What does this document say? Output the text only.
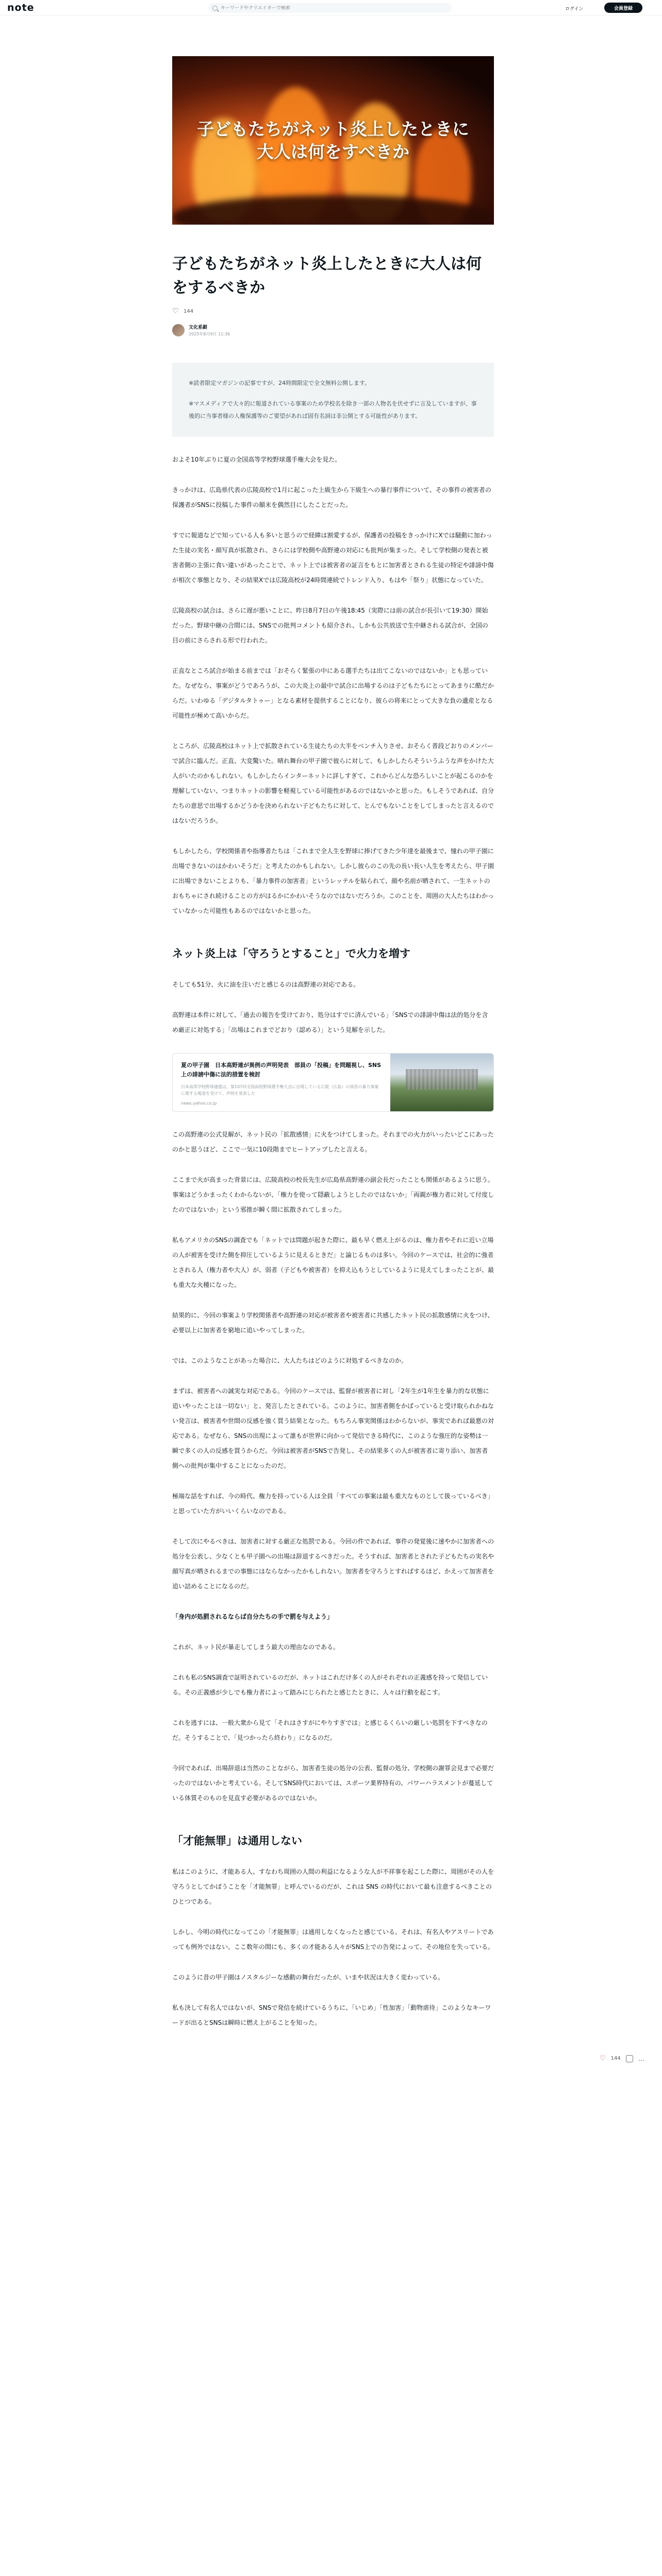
note
キーワードやクリエイターで検索	ログイン	会員登録
子どもたちがネット炎上したときに
大人は何をすべきか
子どもたちがネット炎上したときに大人は何をするべきか
♡ 144
文化系銀
2025年8月9日 11:36

※読者限定マガジンの記事ですが、24時間限定で全文無料公開します。

※マスメディアで大々的に報道されている事案のため学校名を除き一部の人物名を伏せずに言及していますが、事後的に当事者様の人権保護等のご要望があれば固有名詞は非公開とする可能性があります。

およそ10年ぶりに夏の全国高等学校野球選手権大会を見た。

きっかけは、広島県代表の広陵高校で1月に起こった上級生から下級生への暴行事件について、その事件の被害者の保護者がSNSに投稿した事件の顛末を偶然目にしたことだった。

すでに報道などで知っている人も多いと思うので経緯は割愛するが、保護者の投稿をきっかけにXでは騒動に加わった生徒の実名・顔写真が拡散され、さらには学校側や高野連の対応にも批判が集まった。そして学校側の発表と被害者側の主張に食い違いがあったことで、ネット上では被害者の証言をもとに加害者とされる生徒の特定や誹謗中傷が相次ぐ事態となり、その結果Xでは広陵高校が24時間連続でトレンド入り、もはや「祭り」状態になっていた。

広陵高校の試合は、さらに遅が悪いことに、昨日8月7日の午後18:45（実際には前の試合が長引いて19:30）開始だった。野球中継の合間には、SNSでの批判コメントも紹介され、しかも公共放送で生中継される試合が、全国の目の前にさらされる形で行われた。

正直なところ試合が始まる前までは「おそらく緊張の中にある選手たちは出てこないのではないか」とも思っていた。なぜなら、事案がどうであろうが、この大炎上の最中で試合に出場するのは子どもたちにとってあまりに酷だからだ。いわゆる「デジタルタトゥー」となる素材を提供することになり、彼らの将来にとって大きな負の遺産となる可能性が極めて高いからだ。

ところが、広陵高校はネット上で拡散されている生徒たちの大半をベンチ入りさせ、おそらく普段どおりのメンバーで試合に臨んだ。正直、大変驚いた。晴れ舞台の甲子園で彼らに対して、もしかしたらそういうふうな声をかけた大人がいたのかもしれない。もしかしたらインターネットに詳しすぎて、これからどんな恐ろしいことが起こるのかを理解していない、つまりネットの影響を軽視している可能性があるのではないかと思った。もしそうであれば、自分たちの意思で出場するかどうかを決められない子どもたちに対して、とんでもないことをしてしまったと言えるのではないだろうか。

もしかしたら、学校関係者や指導者たちは「これまで全人生を野球に捧げてきた少年達を最後まで、憧れの甲子園に出場できないのはかわいそうだ」と考えたのかもしれない。しかし彼らのこの先の長い長い人生を考えたら、甲子園に出場できないことよりも、「暴力事件の加害者」というレッテルを貼られて、顔や名前が晒されて、一生ネットのおもちゃにされ続けることの方がはるかにかわいそうなのではないだろうか。このことを、周囲の大人たちはわかっていなかった可能性もあるのではないかと思った。

ネット炎上は「守ろうとすること」で火力を増す

そしても51分、火に油を注いだと感じるのは高野連の対応である。

高野連は本件に対して、「過去の報告を受けており、処分はすでに済んでいる」「SNSでの誹謗中傷は法的処分を含め厳正に対処する」「出場はこれまでどおり（認める）」という見解を示した。

夏の甲子園　日本高野連が異例の声明発表　部員の「投稿」を問題視し、SNS上の誹謗中傷に法的措置を検討
日本高等学校野球連盟は、第107回全国高校野球選手権大会に出場している広陵（広島）の部員の暴力事案に関する報道を受けて、声明を発表した
news.yahoo.co.jp

この高野連の公式見解が、ネット民の「拡散感情」に火をつけてしまった。それまでの火力がいったいどこにあったのかと思うほど、ここで一気に10段階までヒートアップしたと言える。

ここまで火が高まった背景には、広陵高校の校長先生が広島県高野連の副会長だったことも関係があるように思う。事案はどうかまったくわからないが、「権力を使って隠蔽しようとしたのではないか」「両親が権力者に対して付度したのではないか」という邪推が瞬く間に拡散されてしまった。

私もアメリカのSNSの調査でも「ネットでは問題が起きた際に、最も早く燃え上がるのは、権力者やそれに近い立場の人が被害を受けた側を抑圧しているように見えるときだ」と論じるものは多い。今回のケースでは、社会的に強者とされる人（権力者や大人）が、弱者（子どもや被害者）を抑え込もうとしているように見えてしまったことが、最も重大な火種になった。

結果的に、今回の事案より学校関係者や高野連の対応が被害者や被害者に共感したネット民の拡散感情に火をつけ、必要以上に加害者を窮地に追いやってしまった。

では、このようなことがあった場合に、大人たちはどのように対処するべきなのか。

まずは、被害者への誠実な対応である。今回のケースでは、監督が被害者に対し「2年生が1年生を暴力的な状態に追いやったことは一切ない」と、発言したとされている。このように、加害者側をかばっていると受け取られかねない発言は、被害者や世間の反感を強く買う結果となった。もちろん事実関係はわからないが、事実であれば最悪の対応である。なぜなら、SNSの出現によって誰もが世界に向かって発信できる時代に、このような強圧的な姿勢は一瞬で多くの人の反感を買うからだ。今回は被害者がSNSで告発し、その結果多くの人が被害者に寄り添い、加害者側への批判が集中することになったのだ。

極端な話をすれば、今の時代、権力を持っている人は全員「すべての事案は最も重大なものとして扱っているべき」と思っていた方がいいくらいなのである。

そして次にやるべきは、加害者に対する厳正な処罰である。今回の件であれば、事件の発覚後に速やかに加害者への処分を公表し、少なくとも甲子園への出場は辞退するべきだった。そうすれば、加害者とされた子どもたちの実名や顔写真が晒されるまでの事態にはならなかったかもしれない。加害者を守ろうとすればするほど、かえって加害者を追い詰めることになるのだ。

「身内が処罰されるならば自分たちの手で罰を与えよう」

これが、ネット民が暴走してしまう最大の理由なのである。

これも私のSNS調査で証明されているのだが、ネットはこれだけ多くの人がそれぞれの正義感を持って発信している。その正義感が少しでも権力者によって踏みにじられたと感じたときに、人々は行動を起こす。

これを逃すには、一般大衆から見て「それはさすがにやりすぎでは」と感じるくらいの厳しい処罰を下すべきなのだ。そうすることで、「見つかったら終わり」になるのだ。

今回であれば、出場辞退は当然のことながら、加害者生徒の処分の公表、監督の処分、学校側の謝罪会見まで必要だったのではないかと考えている。そしてSNS時代においては、スポーツ業界特有の、パワーハラスメントが蔓延している体質そのものを見直す必要があるのではないか。

「才能無罪」は通用しない

私はこのように、才能ある人、すなわち周囲の人間の利益になるような人が不祥事を起こした際に、周囲がその人を守ろうとしてかばうことを「才能無罪」と呼んでいるのだが、これは SNS の時代において最も注意するべきことのひとつである。

しかし、今明の時代になってこの「才能無罪」は通用しなくなったと感じている。それは、有名人やアスリートであっても例外ではない。ここ数年の間にも、多くの才能ある人々がSNS上での告発によって、その地位を失っている。

このように昔の甲子園はノスタルジーな感動の舞台だったが、いまや状況は大きく変わっている。

私も決して有名人ではないが、SNSで発信を続けているうちに、「いじめ」「性加害」「動物虐待」このようなキーワードが出るとSNSは瞬時に燃え上がることを知った。

♡ 144	…
